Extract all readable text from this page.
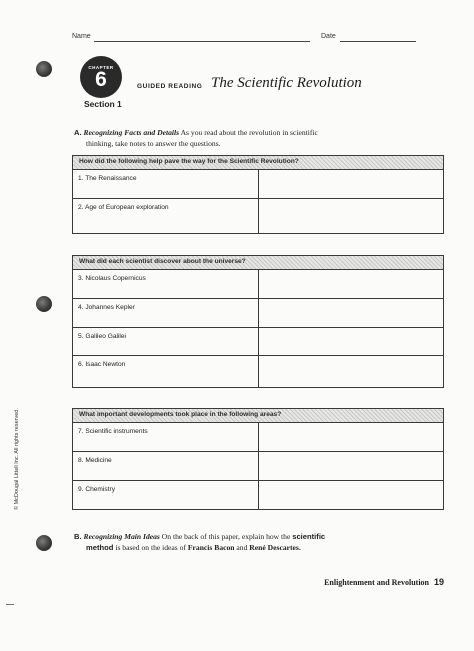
Name	Date
CHAPTER
6
Section 1
GUIDED READING The Scientific Revolution
A. Recognizing Facts and Details As you read about the revolution in scientific
thinking, take notes to answer the questions.
How did the following help pave the way for the Scientific Revolution?	
1. The Renaissance	
2. Age of European exploration	
What did each scientist discover about the universe?	
3. Nicolaus Copernicus	
4. Johannes Kepler	
5. Galileo Galilei	
6. Isaac Newton	
What important developments took place in the following areas?	
7. Scientific instruments	
8. Medicine	
9. Chemistry	
B. Recognizing Main Ideas On the back of this paper, explain how the scientific
method is based on the ideas of Francis Bacon and René Descartes.
© McDougal Littell Inc. All rights reserved.
Enlightenment and Revolution 19
